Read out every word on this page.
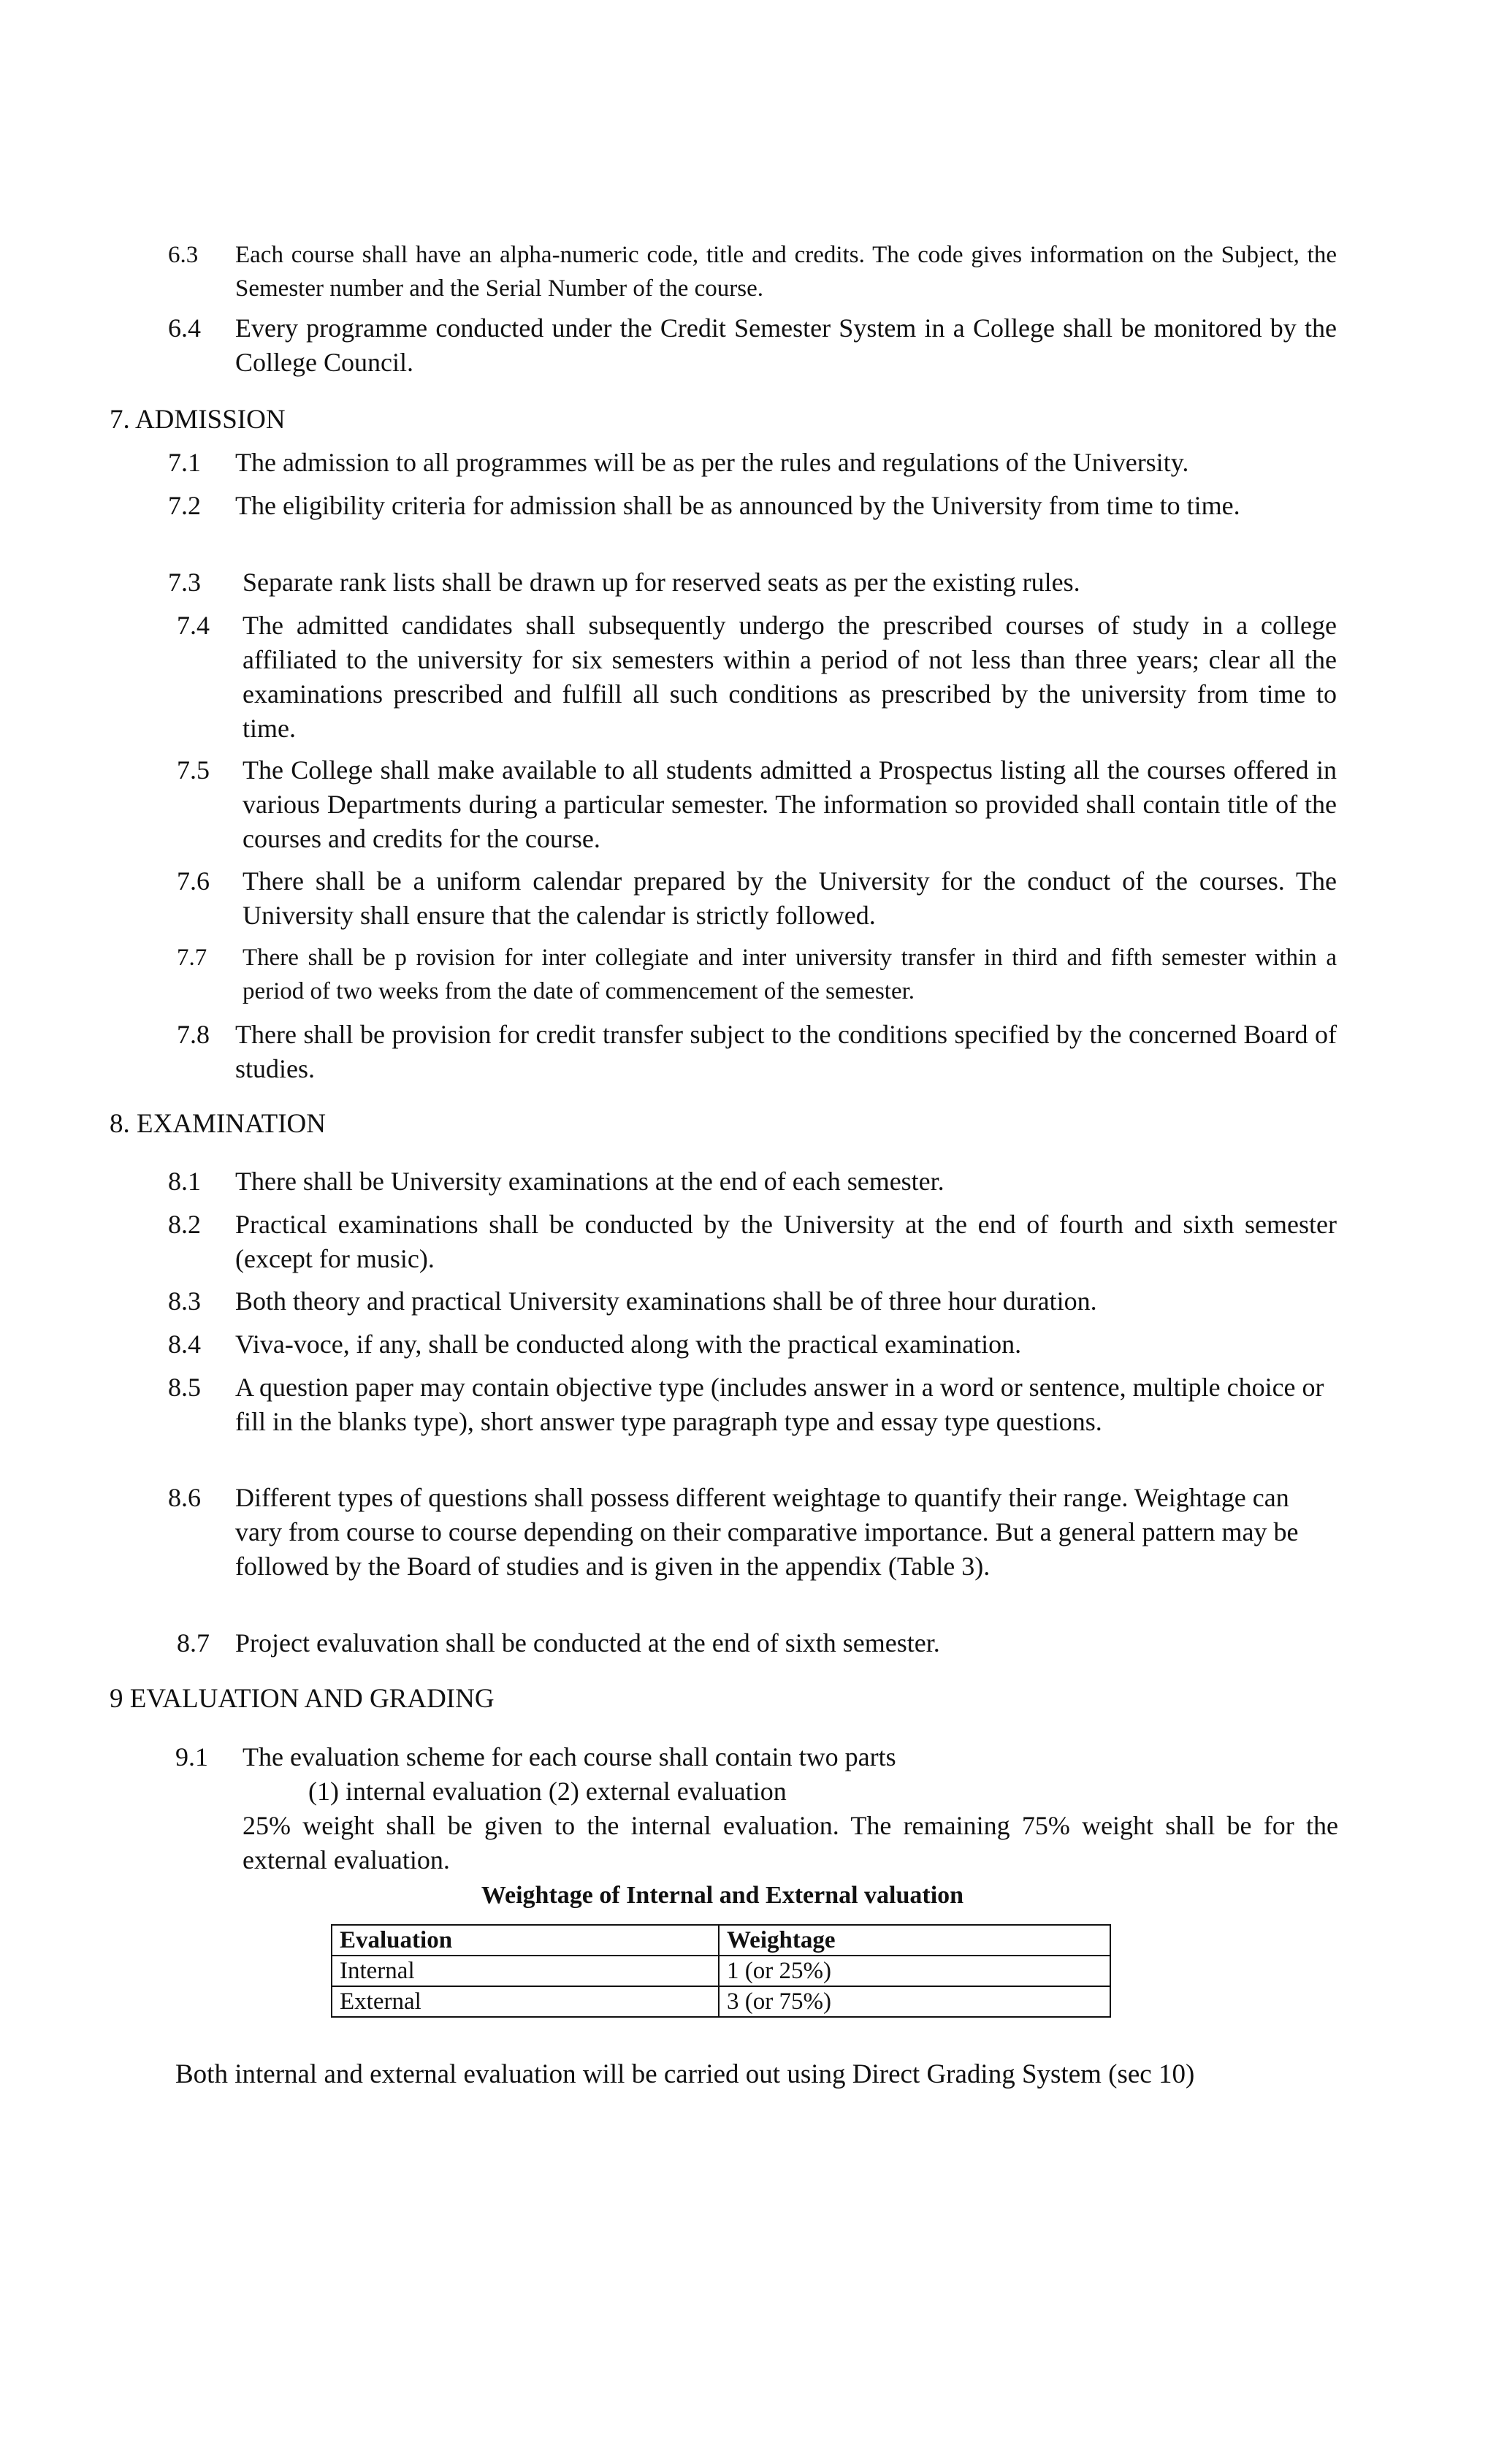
6.3 Each course shall have an alpha-numeric code, title and credits. The code gives information on the Subject, the Semester number and the Serial Number of the course.
6.4 Every programme conducted under the Credit Semester System in a College shall be monitored by the College Council.
7. ADMISSION
7.1 The admission to all programmes will be as per the rules and regulations of the University.
7.2 The eligibility criteria for admission shall be as announced by the University from time to time.
7.3 Separate rank lists shall be drawn up for reserved seats as per the existing rules.
7.4 The admitted candidates shall subsequently undergo the prescribed courses of study in a college affiliated to the university for six semesters within a period of not less than three years; clear all the examinations prescribed and fulfill all such conditions as prescribed by the university from time to time.
7.5 The College shall make available to all students admitted a Prospectus listing all the courses offered in various Departments during a particular semester. The information so provided shall contain title of the courses and credits for the course.
7.6 There shall be a uniform calendar prepared by the University for the conduct of the courses. The University shall ensure that the calendar is strictly followed.
7.7 There shall be p rovision for inter collegiate and inter university transfer in third and fifth semester within a period of two weeks from the date of commencement of the semester.
7.8 There shall be provision for credit transfer subject to the conditions specified by the concerned Board of studies.
8. EXAMINATION
8.1 There shall be University examinations at the end of each semester.
8.2 Practical examinations shall be conducted by the University at the end of fourth and sixth semester (except for music).
8.3 Both theory and practical University examinations shall be of three hour duration.
8.4 Viva-voce, if any, shall be conducted along with the practical examination.
8.5 A question paper may contain objective type (includes answer in a word or sentence, multiple choice or fill in the blanks type), short answer type paragraph type and essay type questions.
8.6 Different types of questions shall possess different weightage to quantify their range. Weightage can vary from course to course depending on their comparative importance. But a general pattern may be followed by the Board of studies and is given in the appendix (Table 3).
8.7 Project evaluvation shall be conducted at the end of sixth semester.
9 EVALUATION AND GRADING
9.1 The evaluation scheme for each course shall contain two parts
(1) internal evaluation (2) external evaluation
25% weight shall be given to the internal evaluation. The remaining 75% weight shall be for the external evaluation.
Weightage of Internal and External valuation
Evaluation	Weightage
Internal	1 (or 25%)
External	3 (or 75%)
Both internal and external evaluation will be carried out using Direct Grading System (sec 10)
